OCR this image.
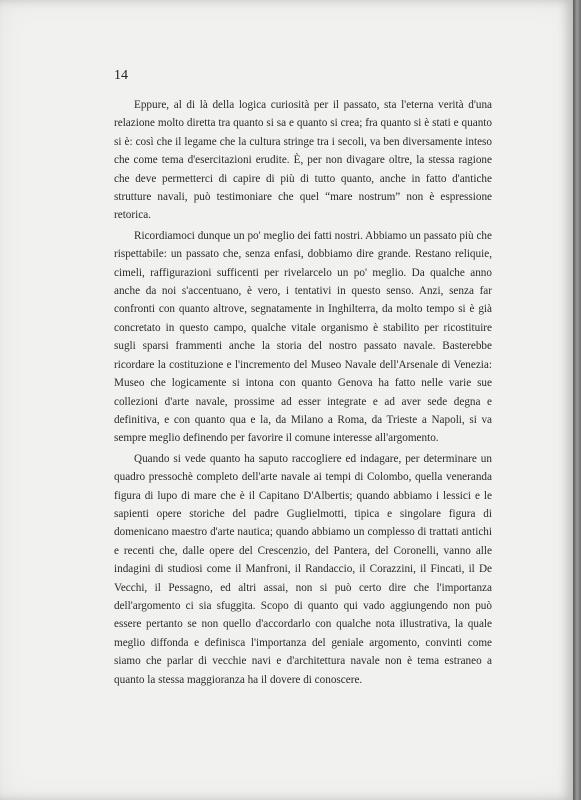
14

Eppure, al di là della logica curiosità per il passato, sta l'eterna verità d'una relazione molto diretta tra quanto si sa e quanto si crea; fra quanto si è stati e quanto si è: così che il legame che la cultura stringe tra i secoli, va ben diversamente inteso che come tema d'esercitazioni erudite. È, per non divagare oltre, la stessa ragione che deve permetterci di capire di più di tutto quanto, anche in fatto d'antiche strutture navali, può testimoniare che quel “mare nostrum” non è espressione retorica.

Ricordiamoci dunque un po' meglio dei fatti nostri. Abbiamo un passato più che rispettabile: un passato che, senza enfasi, dobbiamo dire grande. Restano reliquie, cimeli, raffigurazioni sufficenti per rivelarcelo un po' meglio. Da qualche anno anche da noi s'accentuano, è vero, i tentativi in questo senso. Anzi, senza far confronti con quanto altrove, segnatamente in Inghilterra, da molto tempo si è già concretato in questo campo, qualche vitale organismo è stabilito per ricostituire sugli sparsi frammenti anche la storia del nostro passato navale. Basterebbe ricordare la costituzione e l'incremento del Museo Navale dell'Arsenale di Venezia: Museo che logicamente si intona con quanto Genova ha fatto nelle varie sue collezioni d'arte navale, prossime ad esser integrate e ad aver sede degna e definitiva, e con quanto qua e la, da Milano a Roma, da Trieste a Napoli, si va sempre meglio definendo per favorire il comune interesse all'argomento.

Quando si vede quanto ha saputo raccogliere ed indagare, per determinare un quadro pressochè completo dell'arte navale ai tempi di Colombo, quella veneranda figura di lupo di mare che è il Capitano D'Albertis; quando abbiamo i lessici e le sapienti opere storiche del padre Guglielmotti, tipica e singolare figura di domenicano maestro d'arte nautica; quando abbiamo un complesso di trattati antichi e recenti che, dalle opere del Crescenzio, del Pantera, del Coronelli, vanno alle indagini di studiosi come il Manfroni, il Randaccio, il Corazzini, il Fincati, il De Vecchi, il Pessagno, ed altri assai, non si può certo dire che l'importanza dell'argomento ci sia sfuggita. Scopo di quanto qui vado aggiungendo non può essere pertanto se non quello d'accordarlo con qualche nota illustrativa, la quale meglio diffonda e definisca l'importanza del geniale argomento, convinti come siamo che parlar di vecchie navi e d'architettura navale non è tema estraneo a quanto la stessa maggioranza ha il dovere di conoscere.
